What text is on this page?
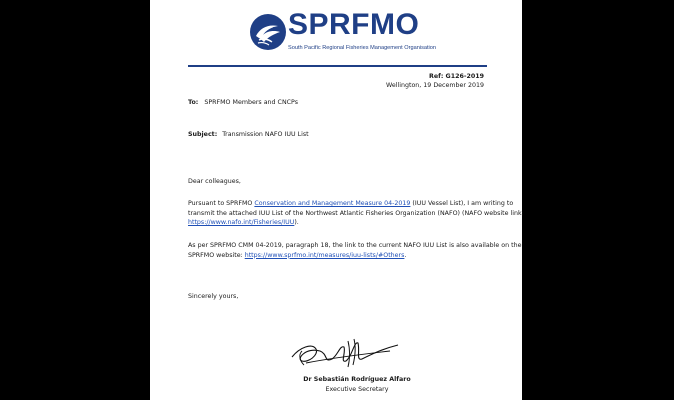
SPRFMO
South Pacific Regional Fisheries Management Organisation
Ref: G126-2019
Wellington, 19 December 2019
To: SPRFMO Members and CNCPs
Subject: Transmission NAFO IUU List
Dear colleagues,
Pursuant to SPRFMO Conservation and Management Measure 04-2019 (IUU Vessel List), I am writing to
transmit the attached IUU List of the Northwest Atlantic Fisheries Organization (NAFO) (NAFO website link:
https://www.nafo.int/Fisheries/IUU).
As per SPRFMO CMM 04-2019, paragraph 18, the link to the current NAFO IUU List is also available on the
SPRFMO website: https://www.sprfmo.int/measures/iuu-lists/#Others.
Sincerely yours,
Dr Sebastián Rodríguez Alfaro
Executive Secretary
